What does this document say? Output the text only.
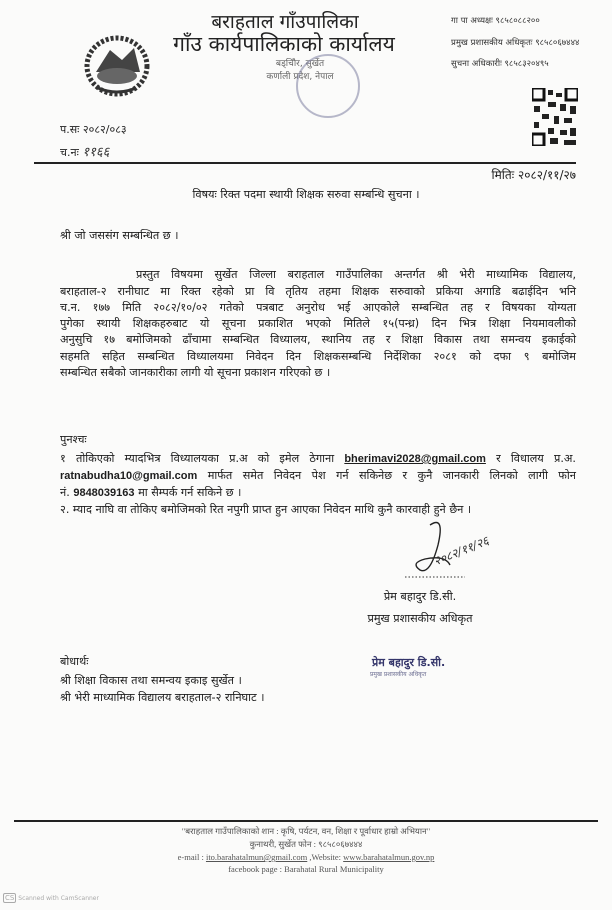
बराहताल गाँउपालिका
गाँउ कार्यपालिकाको कार्यालय
बड्चिौर, सुर्खेत
कर्णाली प्रदेश, नेपाल
गा पा अध्यक्षः ९८५८०८८२००
प्रमुख प्रशासकीय अधिकृतः ९८५८०६७४४४
सुचना अधिकारीः ९८५८३२०४९५
प.सः २०८२/०८३
च.नः ११६६
मितिः २०८२/११/२७
विषयः रिक्त पदमा स्थायी शिक्षक सरुवा सम्बन्धि सुचना ।
श्री जो जससंग सम्बन्धित छ ।
प्रस्तुत विषयमा सुर्खेत जिल्ला बराहताल गाउँपालिका अन्तर्गत श्री भेरी माध्यामिक विद्यालय,
बराहताल-२ रानीघाट मा रिक्त रहेको प्रा वि तृतिय तहमा शिक्षक सरुवाको प्रकिया अगाडि बढाईदिन भनि
च.न. १७७ मिति २०८२/१०/०२ गतेको पत्रबाट अनुरोध भई आएकोले सम्बन्धित तह र विषयका योग्यता
पुगेका स्थायी शिक्षकहरुबाट यो सूचना प्रकाशित भएको मितिले १५(पन्ध्र) दिन भित्र शिक्षा नियमावलीको
अनुसुचि १७ बमोजिमको ढाँचामा सम्बन्धित विध्यालय, स्थानिय तह र शिक्षा विकास तथा समन्वय इकाईको
सहमति सहित सम्बन्धित विध्यालयमा निवेदन दिन शिक्षकसम्बन्धि निर्देशिका २०८१ को दफा ९ बमोजिम
सम्बन्धित सबैको जानकारीका लागी यो सूचना प्रकाशन गरिएको छ ।
पुनश्चः
१ तोकिएको म्यादभित्र विध्यालयका प्र.अ को इमेल ठेगाना bherimavi2028@gmail.com र विधालय प्र.अ.
ratnabudha10@gmail.com मार्फत समेत निवेदन पेश गर्न सकिनेछ र कुनै जानकारी लिनको लागी फोन
नं. 9848039163 मा सैम्पर्क गर्न सकिने छ ।
२. म्याद नाघि वा तोकिए बमोजिमको रित नपुगी प्राप्त हुन आएका निवेदन माथि कुनै कारवाही हुने छैन ।
२०८२/११/२६
प्रेम बहादुर डि.सी.
प्रमुख प्रशासकीय अधिकृत
प्रेम बहादुर डि.सी.
प्रमुख प्रशासकीय अधिकृत
बोधार्थः
श्री शिक्षा विकास तथा समन्वय इकाइ सुर्खेत ।
श्री भेरी माध्यामिक विद्यालय बराहताल-२ रानिघाट ।
"बराहताल गाउँपालिकाको शान : कृषि, पर्यटन, वन, शिक्षा र पूर्वाधार हाम्रो अभियान"
कुनाथरी, सुर्खेत फोन : ९८५८०६७४४४
e-mail : ito.barahatalmun@gmail.com ,Website: www.barahatalmun.gov.np
facebook page : Barahatal Rural Municipality
CS Scanned with CamScanner
